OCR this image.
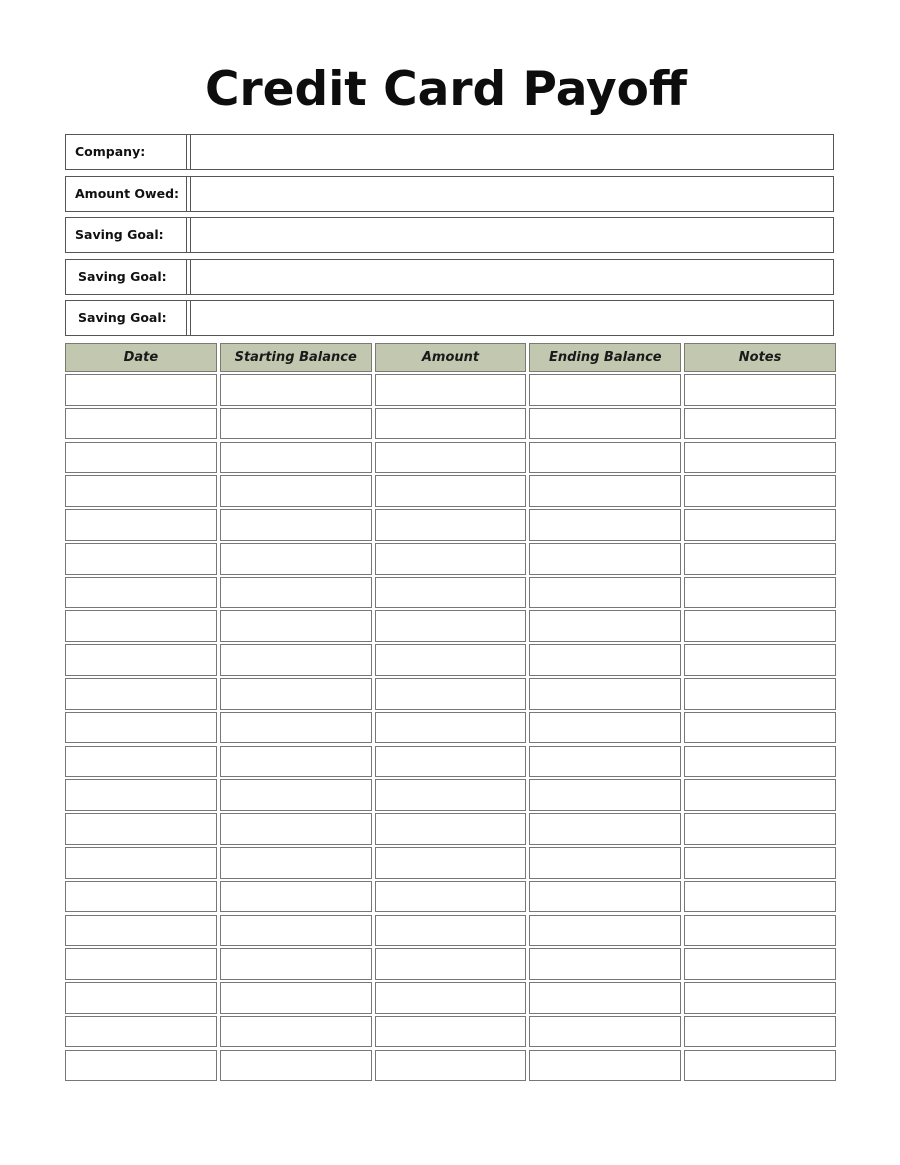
Credit Card Payoff
Company:
Amount Owed:
Saving Goal:
Saving Goal:
Saving Goal:
Date	Starting Balance	Amount	Ending Balance	Notes
